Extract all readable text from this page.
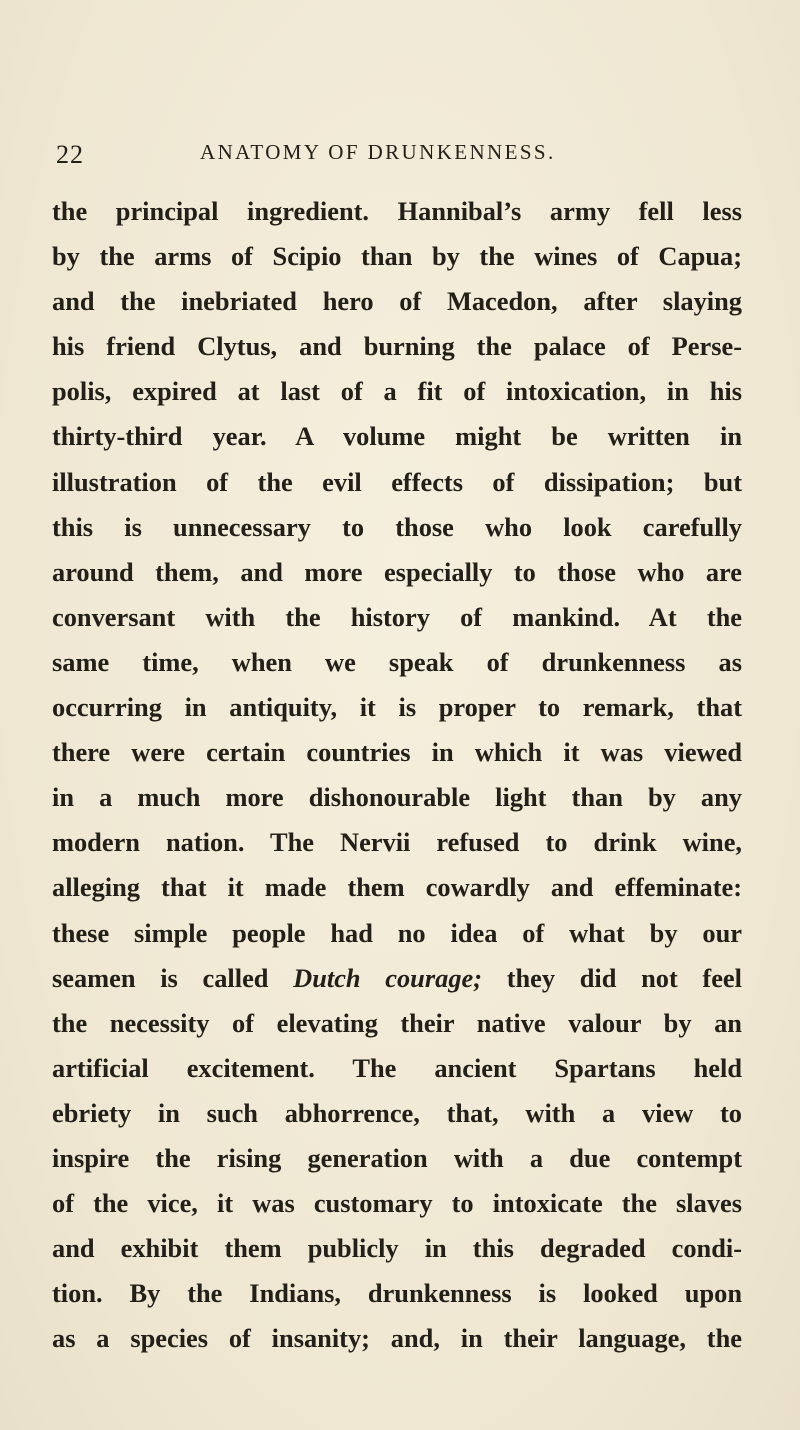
22	ANATOMY OF DRUNKENNESS.
the principal ingredient. Hannibal’s army fell less
by the arms of Scipio than by the wines of Capua;
and the inebriated hero of Macedon, after slaying
his friend Clytus, and burning the palace of Perse-
polis, expired at last of a fit of intoxication, in his
thirty-third year. A volume might be written in
illustration of the evil effects of dissipation; but
this is unnecessary to those who look carefully
around them, and more especially to those who are
conversant with the history of mankind. At the
same time, when we speak of drunkenness as
occurring in antiquity, it is proper to remark, that
there were certain countries in which it was viewed
in a much more dishonourable light than by any
modern nation. The Nervii refused to drink wine,
alleging that it made them cowardly and effeminate:
these simple people had no idea of what by our
seamen is called Dutch courage; they did not feel
the necessity of elevating their native valour by an
artificial excitement. The ancient Spartans held
ebriety in such abhorrence, that, with a view to
inspire the rising generation with a due contempt
of the vice, it was customary to intoxicate the slaves
and exhibit them publicly in this degraded condi-
tion. By the Indians, drunkenness is looked upon
as a species of insanity; and, in their language, the
